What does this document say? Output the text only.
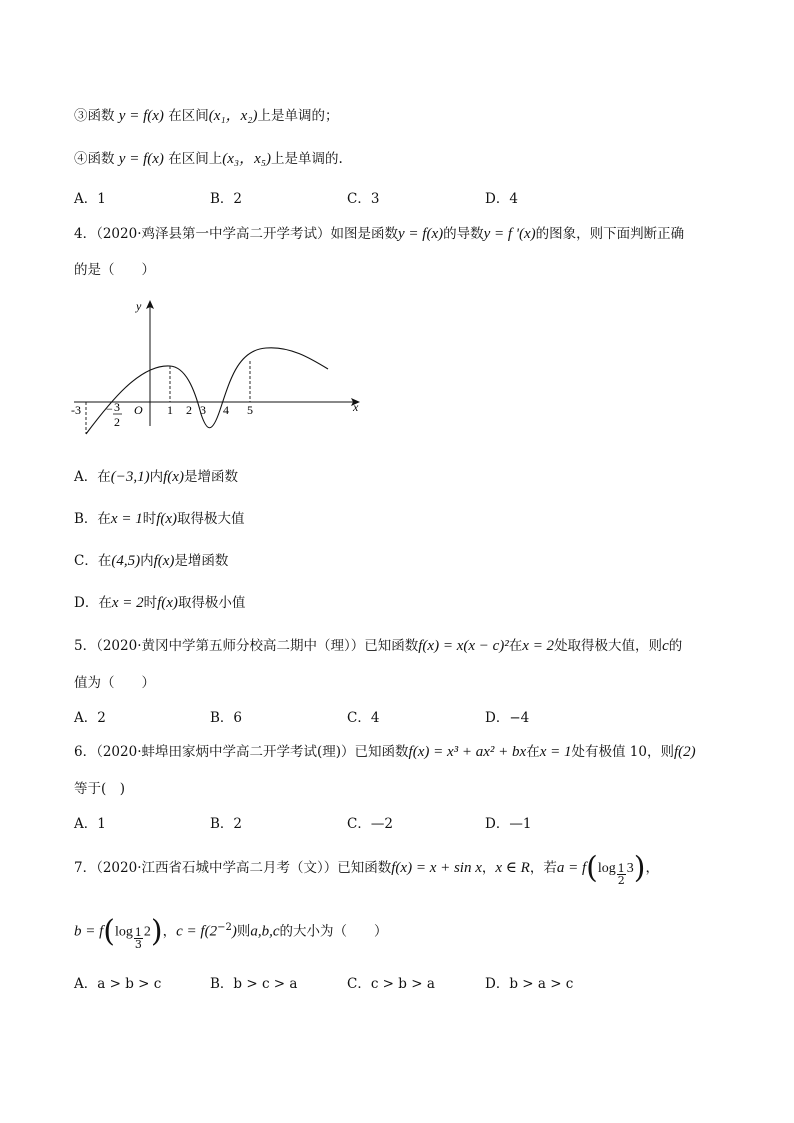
③函数 y = f(x) 在区间(x₁，x₂)上是单调的；
④函数 y = f(x) 在区间上(x₃，x₅)上是单调的.
A．1	B．2	C．3	D．4
4．（2020·鸡泽县第一中学高二开学考试）如图是函数y = f(x)的导数y = f '(x)的图象，则下面判断正确
的是（　　）
y
x
-3 − 3
2
O 1 2 3 4 5
A．在(−3,1)内f(x)是增函数
B．在x = 1时f(x)取得极大值
C．在(4,5)内f(x)是增函数
D．在x = 2时f(x)取得极小值
5．（2020·黄冈中学第五师分校高二期中（理））已知函数f(x) = x(x − c)²在x = 2处取得极大值，则c的
值为（　　）
A．2	B．6	C．4	D．−4
6．（2020·蚌埠田家炳中学高二开学考试(理)）已知函数f(x) = x³ + ax² + bx在x = 1处有极值 10，则f(2)
等于(　)
A．1	B．2	C．—2	D．—1
7．（2020·江西省石城中学高二月考（文））已知函数f(x) = x + sin x，x ∈ R，若$a = f(\log \frac{1}{2} 3)$，
$b = f(\log \frac{1}{3} 2)$，$c = f(2^{-2})$则a,b,c的大小为（　　）
A．a > b > c	B．b > c > a	C．c > b > a	D．b > a > c
